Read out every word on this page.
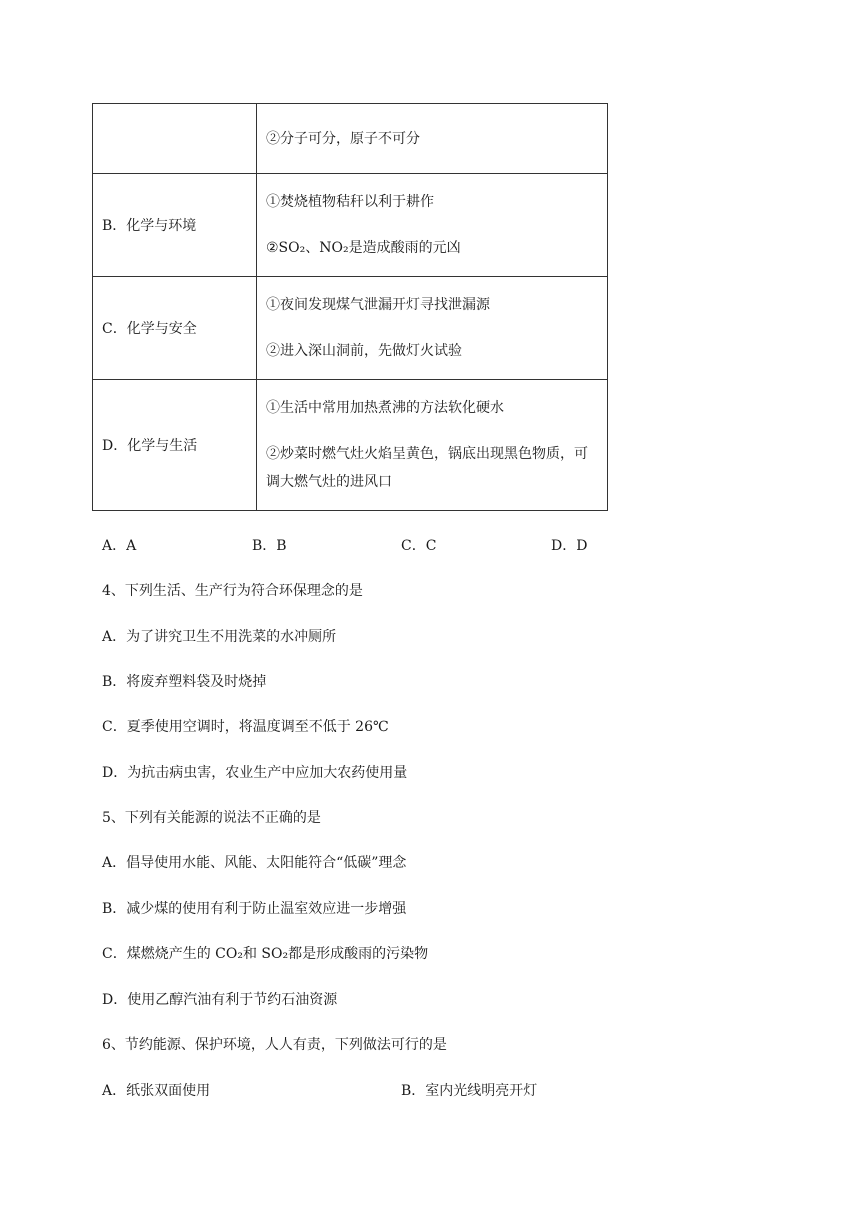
	②分子可分，原子不可分

B．化学与环境	①焚烧植物秸秆以利于耕作

②SO₂、NO₂是造成酸雨的元凶

C．化学与安全	①夜间发现煤气泄漏开灯寻找泄漏源

②进入深山洞前，先做灯火试验

D．化学与生活	①生活中常用加热煮沸的方法软化硬水

②炒菜时燃气灶火焰呈黄色，锅底出现黑色物质，可调大燃气灶的进风口

A．A	B．B	C．C	D．D
4、下列生活、生产行为符合环保理念的是
A．为了讲究卫生不用洗菜的水冲厕所
B．将废弃塑料袋及时烧掉
C．夏季使用空调时，将温度调至不低于 26℃
D．为抗击病虫害，农业生产中应加大农药使用量
5、下列有关能源的说法不正确的是
A．倡导使用水能、风能、太阳能符合“低碳”理念
B．减少煤的使用有利于防止温室效应进一步增强
C．煤燃烧产生的 CO₂和 SO₂都是形成酸雨的污染物
D．使用乙醇汽油有利于节约石油资源
6、节约能源、保护环境，人人有责，下列做法可行的是
A．纸张双面使用	B．室内光线明亮开灯
